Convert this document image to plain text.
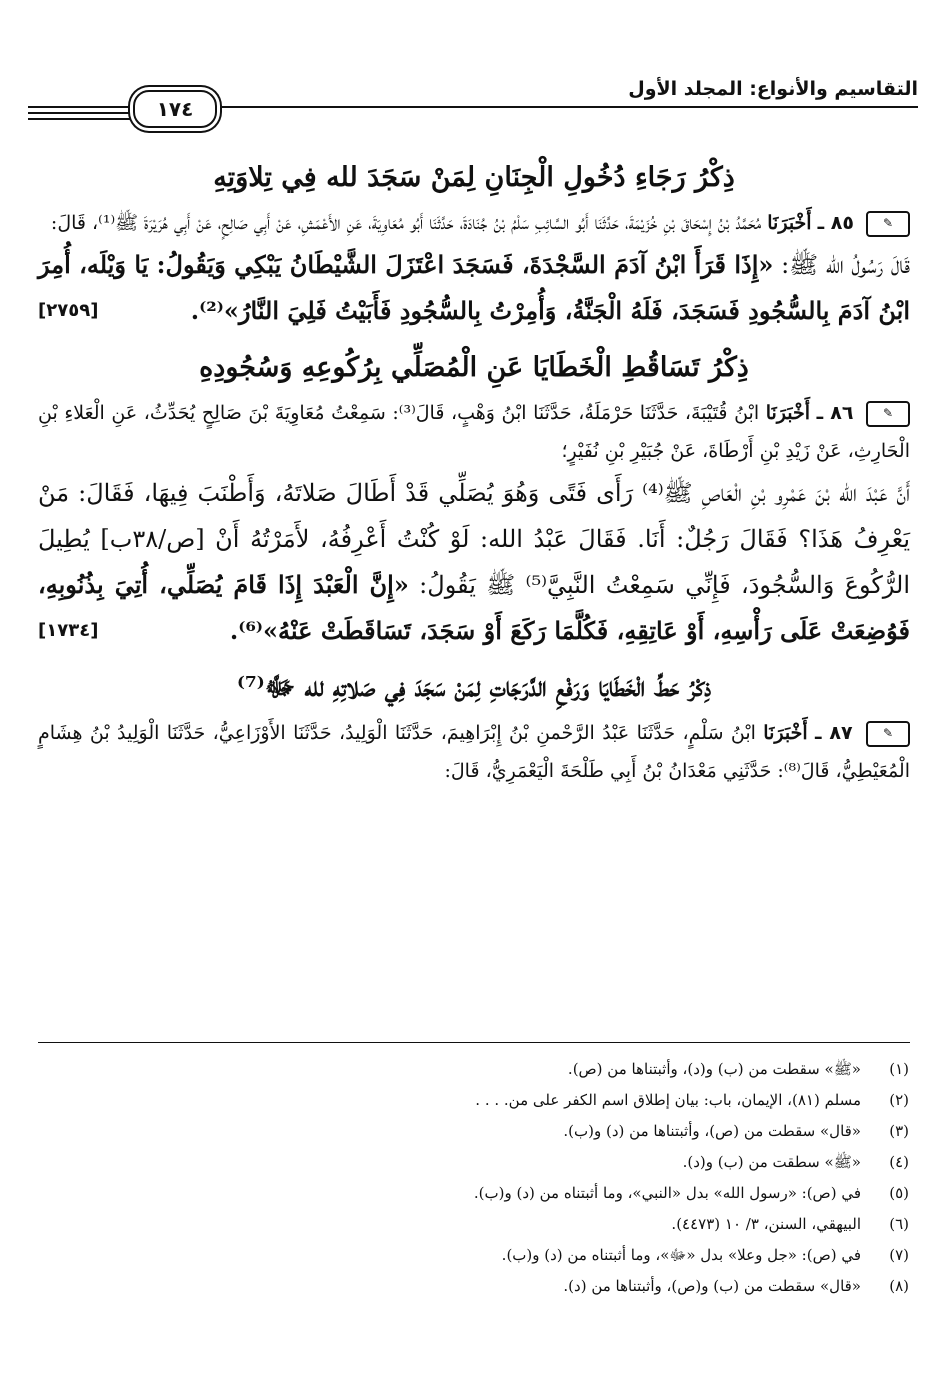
التقاسيم والأنواع: المجلد الأول
١٧٤
ذِكْرُ رَجَاءِ دُخُولِ الْجِنَانِ لِمَنْ سَجَدَ لله فِي تِلاوَتِهِ

✎ ٨٥ ـ أَخْبَرَنَا مُحَمَّدُ بْنُ إِسْحَاقَ بْنِ خُزَيْمَةَ، حَدَّثَنَا أَبُو السَّائِبِ سَلْمُ بْنُ جُنَادَةَ، حَدَّثَنَا أَبُو مُعَاوِيَةَ، عَنِ الأَعْمَشِ، عَنْ أَبِي صَالِحٍ، عَنْ أَبِي هُرَيْرَةَ ﷺ⁽¹⁾، قَالَ:

قَالَ رَسُولُ الله ﷺ: «إِذَا قَرَأَ ابْنُ آدَمَ السَّجْدَةَ، فَسَجَدَ اعْتَزَلَ الشَّيْطَانُ يَبْكِي وَيَقُولُ: يَا وَيْلَه، أُمِرَ ابْنُ آدَمَ بِالسُّجُودِ فَسَجَدَ، فَلَهُ الْجَنَّةُ، وَأُمِرْتُ بِالسُّجُودِ فَأَبَيْتُ فَلِيَ النَّارُ»⁽²⁾.
[٢٧٥٩]

ذِكْرُ تَسَاقُطِ الْخَطَايَا عَنِ الْمُصَلِّي بِرُكُوعِهِ وَسُجُودِهِ

✎ ٨٦ ـ أَخْبَرَنَا ابْنُ قُتَيْبَةَ، حَدَّثَنَا حَرْمَلَةُ، حَدَّثَنَا ابْنُ وَهْبٍ، قَالَ⁽³⁾: سَمِعْتُ مُعَاوِيَةَ بْنَ صَالِحٍ يُحَدِّثُ، عَنِ الْعَلاءِ بْنِ الْحَارِثِ، عَنْ زَيْدِ بْنِ أَرْطَاةَ، عَنْ جُبَيْرِ بْنِ نُفَيْرٍ؛

أَنَّ عَبْدَ الله بْنَ عَمْرِو بْنِ الْعَاصِ ﷺ⁽⁴⁾ رَأَى فَتًى وَهُوَ يُصَلِّي قَدْ أَطَالَ صَلاتَهُ، وَأَطْنَبَ فِيهَا، فَقَالَ: مَنْ يَعْرِفُ هَذَا؟ فَقَالَ رَجُلٌ: أَنَا. فَقَالَ عَبْدُ الله: لَوْ كُنْتُ أَعْرِفُهُ، لأَمَرْتُهُ أَنْ [ص/٣٨ب] يُطِيلَ الرُّكُوعَ وَالسُّجُودَ، فَإِنِّي سَمِعْتُ النَّبِيَّ⁽⁵⁾ ﷺ يَقُولُ: «إِنَّ الْعَبْدَ إِذَا قَامَ يُصَلِّي، أُتِيَ بِذُنُوبِهِ، فَوُضِعَتْ عَلَى رَأْسِهِ، أَوْ عَاتِقِهِ، فَكُلَّمَا رَكَعَ أَوْ سَجَدَ، تَسَاقَطَتْ عَنْهُ»⁽⁶⁾.
[١٧٣٤]

ذِكْرُ حَطِّ الْخَطَايَا وَرَفْعِ الدَّرَجَاتِ لِمَنْ سَجَدَ فِي صَلاتِهِ لله ﷻ⁽⁷⁾

✎ ٨٧ ـ أَخْبَرَنَا ابْنُ سَلْمٍ، حَدَّثَنَا عَبْدُ الرَّحْمنِ بْنُ إِبْرَاهِيمَ، حَدَّثَنَا الْوَلِيدُ، حَدَّثَنَا الأَوْزَاعِيُّ، حَدَّثَنَا الْوَلِيدُ بْنُ هِشَامٍ الْمُعَيْطِيُّ، قَالَ⁽⁸⁾: حَدَّثَنِي مَعْدَانُ بْنُ أَبِي طَلْحَةَ الْيَعْمَرِيُّ، قَالَ:

(١)
«ﷺ» سقطت من (ب) و(د)، وأثبتناها من (ص).
(٢)
مسلم (٨١)، الإيمان، باب: بيان إطلاق اسم الكفر على من. . . .
(٣)
«قال» سقطت من (ص)، وأثبتناها من (د) و(ب).
(٤)
«ﷺ» سطقت من (ب) و(د).
(٥)
في (ص): «رسول الله» بدل «النبي»، وما أثبتناه من (د) و(ب).
(٦)
البيهقي، السنن، ٣/ ١٠ (٤٤٧٣).
(٧)
في (ص): «جل وعلا» بدل «ﷻ»، وما أثبتناه من (د) و(ب).
(٨)
«قال» سقطت من (ب) و(ص)، وأثبتناها من (د).
